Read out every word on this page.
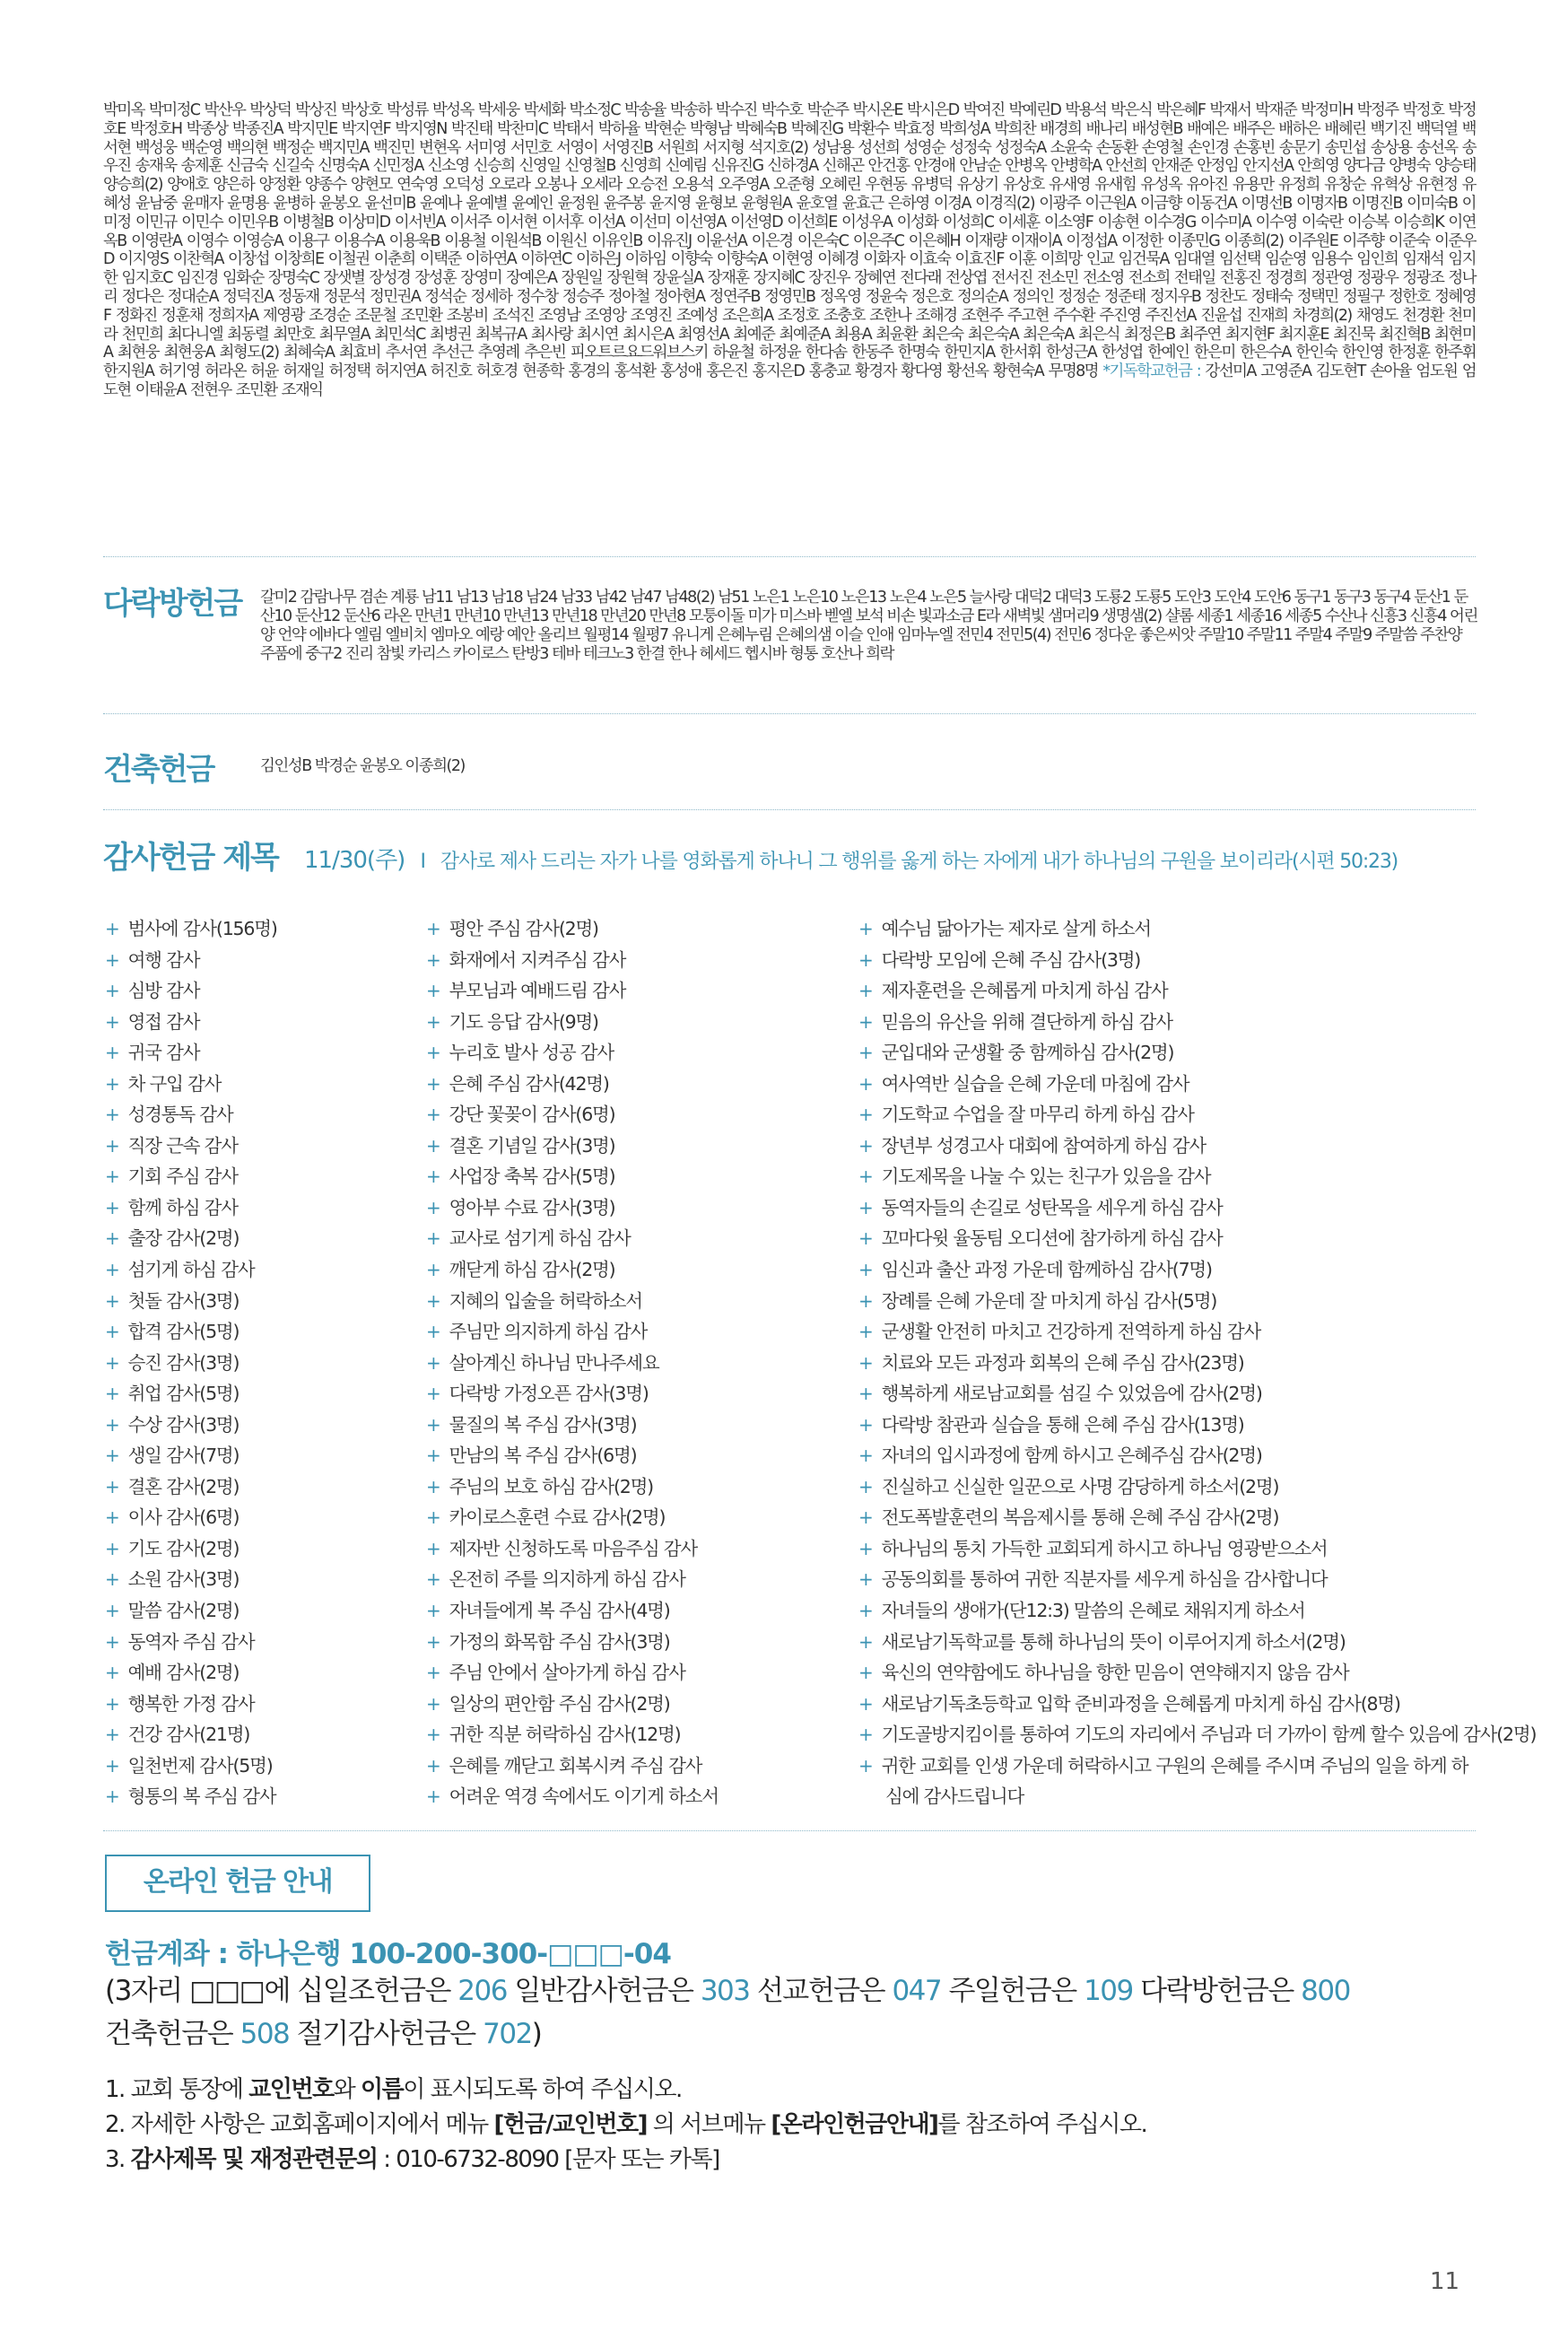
박미옥 박미정C 박산우 박상덕 박상진 박상호 박성류 박성옥 박세웅 박세화 박소정C 박송율 박송하 박수진 박수호 박순주 박시온E 박시은D 박여진 박예린D 박용석 박은식 박은혜F 박재서 박재준 박정미H 박정주 박정호 박정호E 박정호H 박종상 박종진A 박지민E 박지연F 박지영N 박진태 박찬미C 박태서 박하율 박현순 박형남 박혜숙B 박혜진G 박환수 박효정 박희성A 박희찬 배경희 배나리 배성현B 배예은 배주은 배하은 배혜린 백기진 백덕열 백서현 백성웅 백순영 백의현 백정순 백지민A 백진민 변현옥 서미영 서민호 서영이 서영진B 서원희 서지형 석지호(2) 성남용 성선희 성영순 성정숙 성정숙A 소윤숙 손동환 손영철 손인경 손홍빈 송문기 송민섭 송상용 송선옥 송우진 송재욱 송제훈 신금숙 신길숙 신명숙A 신민정A 신소영 신승희 신영일 신영철B 신영희 신예림 신유진G 신하경A 신해곤 안건홍 안경애 안남순 안병옥 안병학A 안선희 안재준 안정임 안지선A 안희영 양다금 양병숙 양승태 양승희(2) 양애호 양은하 양정환 양종수 양현모 연숙영 오덕성 오로라 오봉나 오세라 오승전 오용석 오주영A 오준형 오혜린 우현동 유병덕 유상기 유상호 유새영 유새힘 유성옥 유아진 유용만 유정희 유창순 유혁상 유현정 유혜성 윤남중 윤매자 윤명용 윤병하 윤봉오 윤선미B 윤예나 윤예별 윤예인 윤정원 윤주봉 윤지영 윤형보 윤형원A 윤호열 윤효근 은하영 이경A 이경직(2) 이광주 이근원A 이금향 이동건A 이명선B 이명자B 이명진B 이미숙B 이미정 이민규 이민수 이민우B 이병철B 이상미D 이서빈A 이서주 이서현 이서후 이선A 이선미 이선영A 이선영D 이선희E 이성우A 이성화 이성희C 이세훈 이소영F 이송현 이수경G 이수미A 이수영 이숙란 이승복 이승희K 이연옥B 이영란A 이영수 이영승A 이용구 이용수A 이용욱B 이용철 이원석B 이원신 이유인B 이유진J 이윤선A 이은경 이은숙C 이은주C 이은혜H 이재량 이재이A 이정섭A 이정한 이종민G 이종희(2) 이주원E 이주향 이준숙 이준우D 이지영S 이찬혁A 이창섭 이창희E 이철권 이춘희 이택준 이하연A 이하연C 이하은J 이하임 이향숙 이향숙A 이현영 이혜경 이화자 이효숙 이효진F 이훈 이희망 인교 임건묵A 임대열 임선택 임순영 임용수 임인희 임재석 임지한 임지호C 임진경 임화순 장명숙C 장샛별 장성경 장성훈 장영미 장예은A 장원일 장원혁 장윤실A 장재훈 장지혜C 장진우 장혜연 전다래 전상엽 전서진 전소민 전소영 전소희 전태일 전홍진 정경희 정관영 정광우 정광조 정나리 정다은 정대순A 정덕진A 정동재 정문석 정민권A 정석순 정세하 정수창 정승주 정아철 정아현A 정연주B 정영민B 정옥영 정윤숙 정은호 정의순A 정의인 정정순 정준태 정지우B 정찬도 정태숙 정택민 정필구 정한호 정혜영F 정화진 정훈채 정희자A 제영광 조경순 조문철 조민환 조봉비 조석진 조영남 조영앙 조영진 조예성 조은희A 조정호 조충호 조한나 조해경 조현주 주고현 주수환 주진영 주진선A 진윤섭 진재희 차경희(2) 채영도 천경환 천미라 천민희 최다니엘 최동렬 최만호 최무열A 최민석C 최병권 최복규A 최사랑 최시연 최시은A 최영선A 최예준 최예준A 최용A 최윤환 최은숙 최은숙A 최은숙A 최은식 최정은B 최주연 최지현F 최지훈E 최진묵 최진혁B 최현미A 최현웅 최현웅A 최형도(2) 최혜숙A 최효비 추서연 추선근 추영례 추은빈 피오트르요드워브스키 하윤철 하정윤 한다솜 한동주 한명숙 한민지A 한서휘 한성근A 한성엽 한예인 한은미 한은수A 한인숙 한인영 한정훈 한주휘 한지원A 허기영 허라온 허윤 허재일 허정택 허지연A 허진호 허호경 현종학 홍경의 홍석환 홍성애 홍은진 홍지은D 홍충교 황경자 황다영 황선옥 황현숙A 무명8명 *기독학교헌금 : 강선미A 고영준A 김도현T 손아율 엄도원 엄도현 이태윤A 전현우 조민환 조재익
다락방헌금 갈미2 감람나무 겸손 계룡 남11 남13 남18 남24 남33 남42 남47 남48(2) 남51 노은1 노은10 노은13 노은4 노은5 늘사랑 대덕2 대덕3 도룡2 도룡5 도안3 도안4 도안6 동구1 동구3 동구4 둔산1 둔산10 둔산12 둔산6 라온 만년1 만년10 만년13 만년18 만년20 만년8 모퉁이돌 미가 미스바 벧엘 보석 비손 빛과소금 E라 새벽빛 샘머리9 생명샘(2) 샬롬 세종1 세종16 세종5 수산나 신흥3 신흥4 어린양 언약 에바다 엘림 엘비치 엠마오 예랑 예안 올리브 월평14 월평7 유니게 은혜누림 은혜의샘 이슬 인애 임마누엘 전민4 전민5(4) 전민6 정다운 좋은씨앗 주말10 주말11 주말4 주말9 주말씀 주찬양 주품에 중구2 진리 참빛 카리스 카이로스 탄방3 테바 테크노3 한결 한나 헤세드 헵시바 형통 호산나 희락
건축헌금	김인성B 박경순 윤봉오 이종희(2)
감사헌금 제목 11/30(주) I 감사로 제사 드리는 자가 나를 영화롭게 하나니 그 행위를 옳게 하는 자에게 내가 하나님의 구원을 보이리라(시편 50:23)
+ 범사에 감사(156명)
+ 여행 감사
+ 심방 감사
+ 영접 감사
+ 귀국 감사
+ 차 구입 감사
+ 성경통독 감사
+ 직장 근속 감사
+ 기회 주심 감사
+ 함께 하심 감사
+ 출장 감사(2명)
+ 섬기게 하심 감사
+ 첫돌 감사(3명)
+ 합격 감사(5명)
+ 승진 감사(3명)
+ 취업 감사(5명)
+ 수상 감사(3명)
+ 생일 감사(7명)
+ 결혼 감사(2명)
+ 이사 감사(6명)
+ 기도 감사(2명)
+ 소원 감사(3명)
+ 말씀 감사(2명)
+ 동역자 주심 감사
+ 예배 감사(2명)
+ 행복한 가정 감사
+ 건강 감사(21명)
+ 일천번제 감사(5명)
+ 형통의 복 주심 감사
+ 평안 주심 감사(2명)
+ 화재에서 지켜주심 감사
+ 부모님과 예배드림 감사
+ 기도 응답 감사(9명)
+ 누리호 발사 성공 감사
+ 은혜 주심 감사(42명)
+ 강단 꽃꽂이 감사(6명)
+ 결혼 기념일 감사(3명)
+ 사업장 축복 감사(5명)
+ 영아부 수료 감사(3명)
+ 교사로 섬기게 하심 감사
+ 깨닫게 하심 감사(2명)
+ 지혜의 입술을 허락하소서
+ 주님만 의지하게 하심 감사
+ 살아계신 하나님 만나주세요
+ 다락방 가정오픈 감사(3명)
+ 물질의 복 주심 감사(3명)
+ 만남의 복 주심 감사(6명)
+ 주님의 보호 하심 감사(2명)
+ 카이로스훈련 수료 감사(2명)
+ 제자반 신청하도록 마음주심 감사
+ 온전히 주를 의지하게 하심 감사
+ 자녀들에게 복 주심 감사(4명)
+ 가정의 화목함 주심 감사(3명)
+ 주님 안에서 살아가게 하심 감사
+ 일상의 편안함 주심 감사(2명)
+ 귀한 직분 허락하심 감사(12명)
+ 은혜를 깨닫고 회복시켜 주심 감사
+ 어려운 역경 속에서도 이기게 하소서
+ 예수님 닮아가는 제자로 살게 하소서
+ 다락방 모임에 은혜 주심 감사(3명)
+ 제자훈련을 은혜롭게 마치게 하심 감사
+ 믿음의 유산을 위해 결단하게 하심 감사
+ 군입대와 군생활 중 함께하심 감사(2명)
+ 여사역반 실습을 은혜 가운데 마침에 감사
+ 기도학교 수업을 잘 마무리 하게 하심 감사
+ 장년부 성경고사 대회에 참여하게 하심 감사
+ 기도제목을 나눌 수 있는 친구가 있음을 감사
+ 동역자들의 손길로 성탄목을 세우게 하심 감사
+ 꼬마다윗 율동팀 오디션에 참가하게 하심 감사
+ 임신과 출산 과정 가운데 함께하심 감사(7명)
+ 장례를 은혜 가운데 잘 마치게 하심 감사(5명)
+ 군생활 안전히 마치고 건강하게 전역하게 하심 감사
+ 치료와 모든 과정과 회복의 은혜 주심 감사(23명)
+ 행복하게 새로남교회를 섬길 수 있었음에 감사(2명)
+ 다락방 참관과 실습을 통해 은혜 주심 감사(13명)
+ 자녀의 입시과정에 함께 하시고 은혜주심 감사(2명)
+ 진실하고 신실한 일꾼으로 사명 감당하게 하소서(2명)
+ 전도폭발훈련의 복음제시를 통해 은혜 주심 감사(2명)
+ 하나님의 통치 가득한 교회되게 하시고 하나님 영광받으소서
+ 공동의회를 통하여 귀한 직분자를 세우게 하심을 감사합니다
+ 자녀들의 생애가(단12:3) 말씀의 은혜로 채워지게 하소서
+ 새로남기독학교를 통해 하나님의 뜻이 이루어지게 하소서(2명)
+ 육신의 연약함에도 하나님을 향한 믿음이 연약해지지 않음 감사
+ 새로남기독초등학교 입학 준비과정을 은혜롭게 마치게 하심 감사(8명)
+ 기도골방지킴이를 통하여 기도의 자리에서 주님과 더 가까이 함께 할수 있음에 감사(2명)
+ 귀한 교회를 인생 가운데 허락하시고 구원의 은혜를 주시며 주님의 일을 하게 하심에 감사드립니다
온라인 헌금 안내
헌금계좌 : 하나은행 100-200-300-□□□-04
(3자리 □□□에 십일조헌금은 206 일반감사헌금은 303 선교헌금은 047 주일헌금은 109 다락방헌금은 800
건축헌금은 508 절기감사헌금은 702)
1. 교회 통장에 교인번호와 이름이 표시되도록 하여 주십시오.
2. 자세한 사항은 교회홈페이지에서 메뉴 [헌금/교인번호] 의 서브메뉴 [온라인헌금안내]를 참조하여 주십시오.
3. 감사제목 및 재정관련문의 : 010-6732-8090 [문자 또는 카톡]
11
